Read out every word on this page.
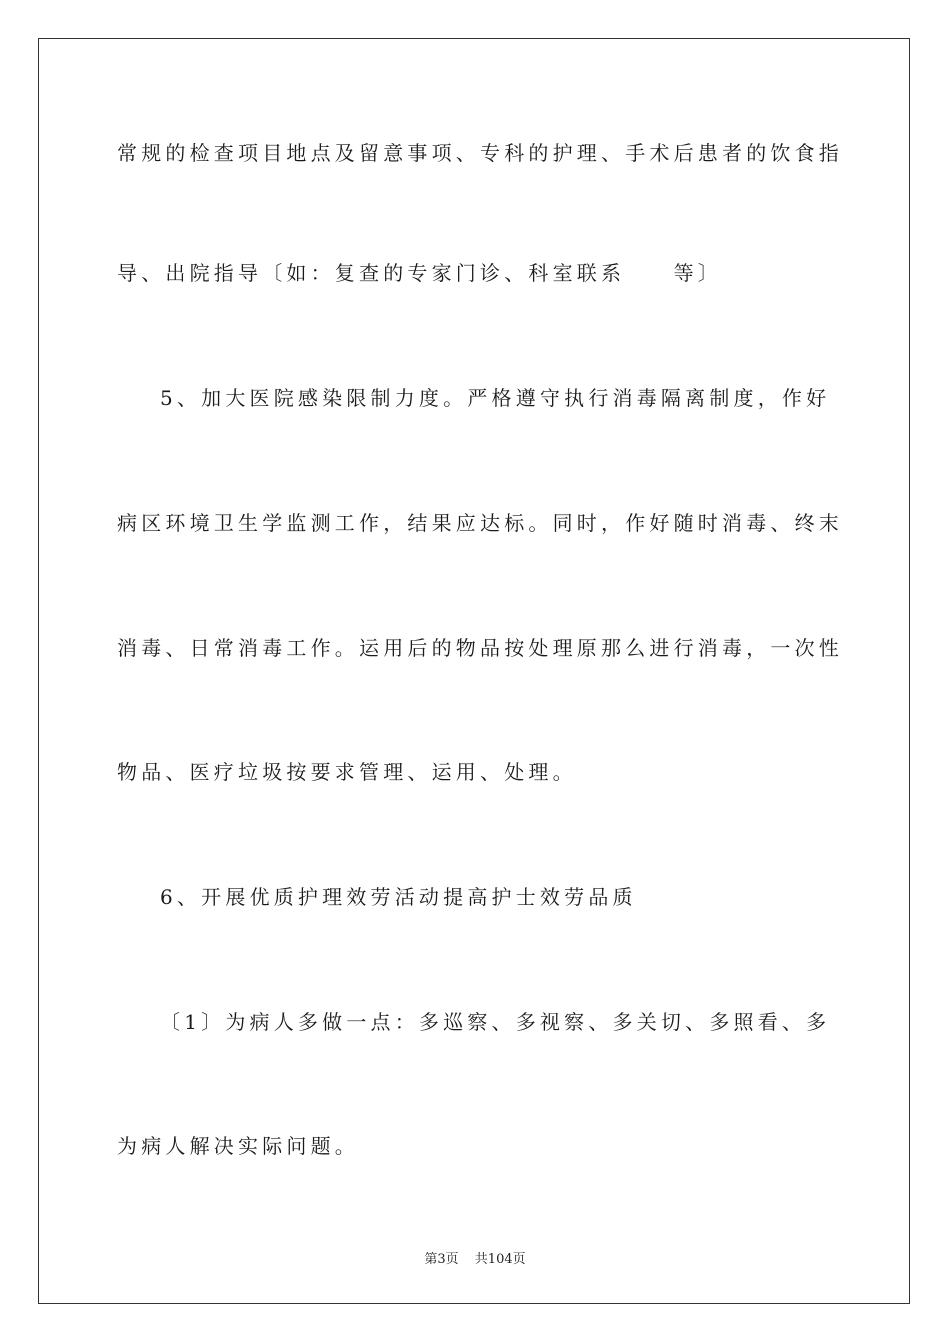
常规的检查项目地点及留意事项、专科的护理、手术后患者的饮食指
导、出院指导〔如：复查的专家门诊、科室联系　　等〕
5、加大医院感染限制力度。严格遵守执行消毒隔离制度，作好
病区环境卫生学监测工作，结果应达标。同时，作好随时消毒、终末
消毒、日常消毒工作。运用后的物品按处理原那么进行消毒，一次性
物品、医疗垃圾按要求管理、运用、处理。
6、开展优质护理效劳活动提高护士效劳品质
〔1〕为病人多做一点：多巡察、多视察、多关切、多照看、多
为病人解决实际问题。
第3页 共104页
